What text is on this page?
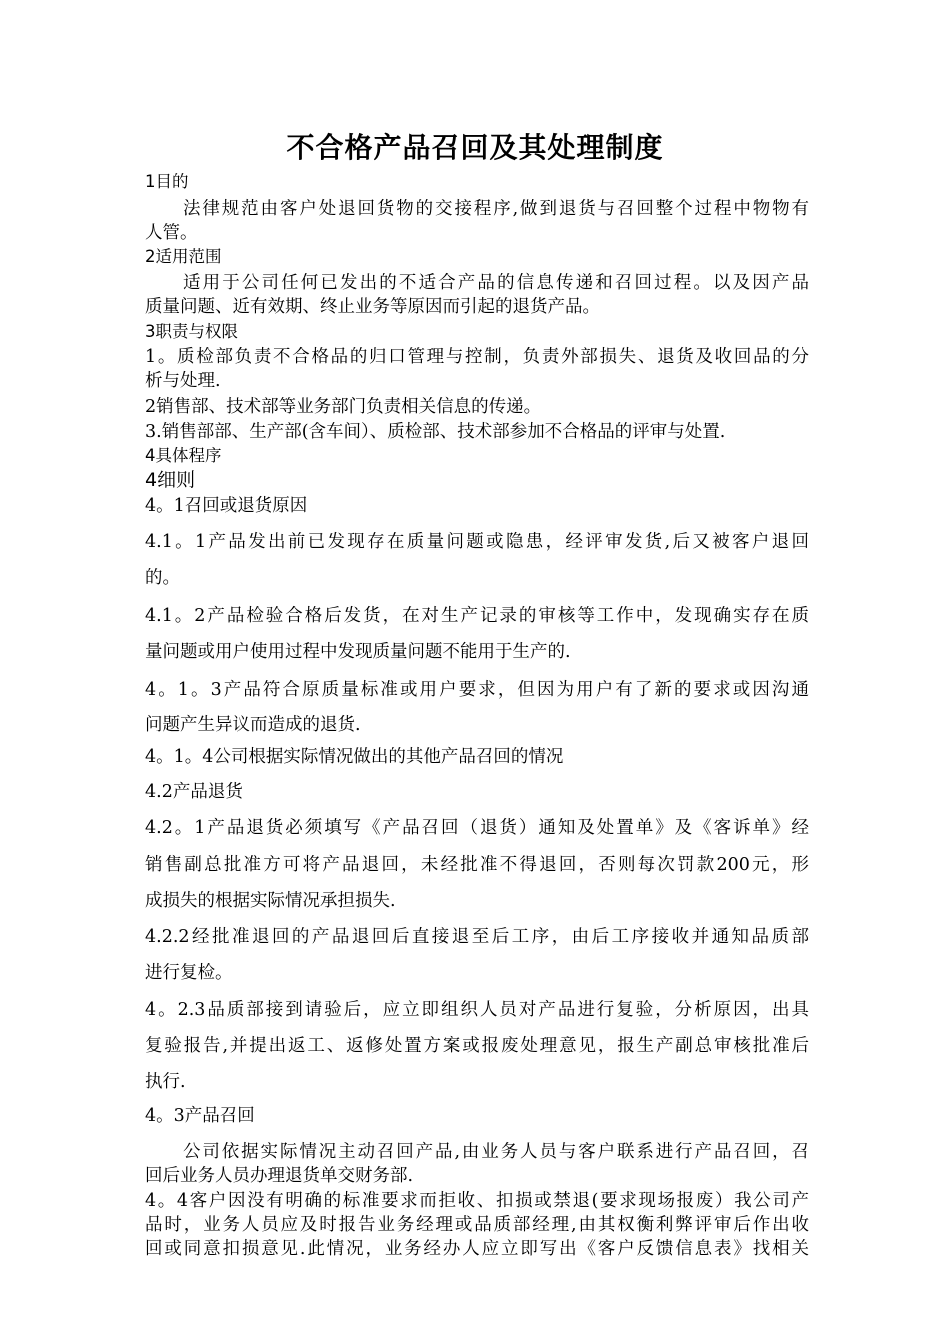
不合格产品召回及其处理制度
1目的
法律规范由客户处退回货物的交接程序,做到退货与召回整个过程中物物有
人管。
2适用范围
适用于公司任何已发出的不适合产品的信息传递和召回过程。以及因产品
质量问题、近有效期、终止业务等原因而引起的退货产品。
3职责与权限
1。质检部负责不合格品的归口管理与控制，负责外部损失、退货及收回品的分
析与处理.
2销售部、技术部等业务部门负责相关信息的传递。
3.销售部部、生产部(含车间）、质检部、技术部参加不合格品的评审与处置.
4具体程序
4细则
4。1召回或退货原因
4.1。1产品发出前已发现存在质量问题或隐患，经评审发货,后又被客户退回
的。
4.1。2产品检验合格后发货，在对生产记录的审核等工作中，发现确实存在质
量问题或用户使用过程中发现质量问题不能用于生产的.
4。1。3产品符合原质量标准或用户要求，但因为用户有了新的要求或因沟通
问题产生异议而造成的退货.
4。1。4公司根据实际情况做出的其他产品召回的情况
4.2产品退货
4.2。1产品退货必须填写《产品召回（退货）通知及处置单》及《客诉单》经
销售副总批准方可将产品退回，未经批准不得退回，否则每次罚款200元，形
成损失的根据实际情况承担损失.
4.2.2经批准退回的产品退回后直接退至后工序，由后工序接收并通知品质部
进行复检。
4。2.3品质部接到请验后，应立即组织人员对产品进行复验，分析原因，出具
复验报告,并提出返工、返修处置方案或报废处理意见，报生产副总审核批准后
执行.
4。3产品召回
公司依据实际情况主动召回产品,由业务人员与客户联系进行产品召回，召
回后业务人员办理退货单交财务部.
4。4客户因没有明确的标准要求而拒收、扣损或禁退(要求现场报废）我公司产
品时，业务人员应及时报告业务经理或品质部经理,由其权衡利弊评审后作出收
回或同意扣损意见.此情况，业务经办人应立即写出《客户反馈信息表》找相关
